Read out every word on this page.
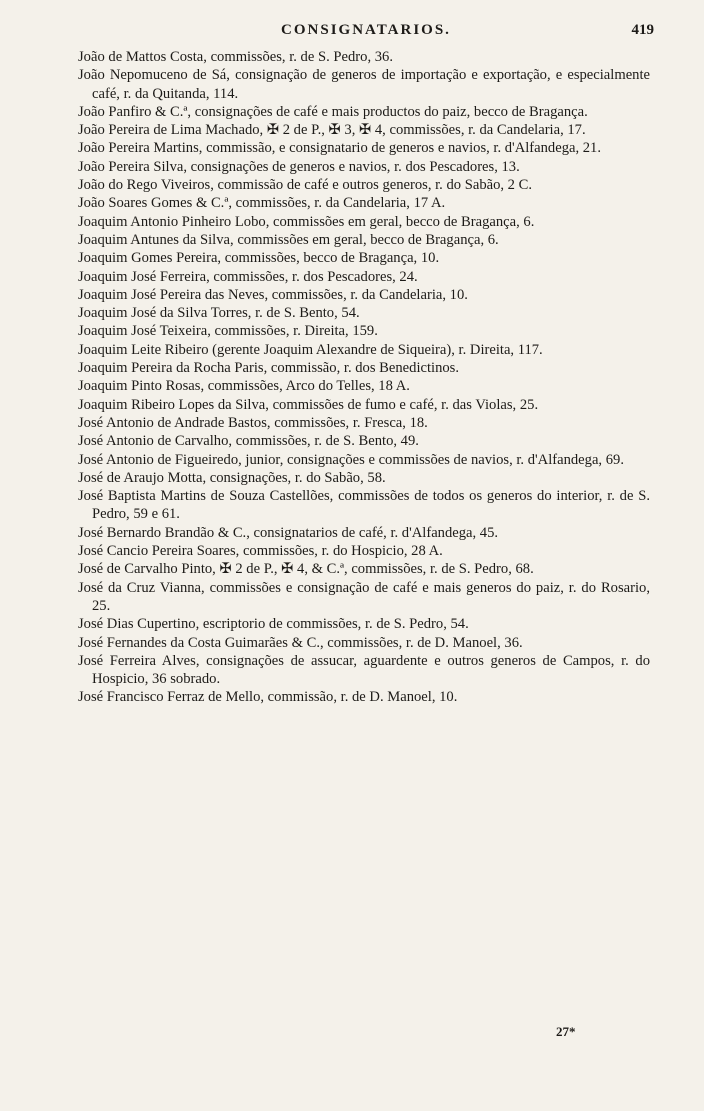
CONSIGNATARIOS.	419

João de Mattos Costa, commissões, r. de S. Pedro, 36.

João Nepomuceno de Sá, consignação de generos de importação e exportação, e especialmente café, r. da Quitanda, 114.

João Panfiro & C.ª, consignações de café e mais productos do paiz, becco de Bragança.

João Pereira de Lima Machado, ✠ 2 de P., ✠ 3, ✠ 4, commissões, r. da Candelaria, 17.

João Pereira Martins, commissão, e consignatario de generos e navios, r. d'Alfandega, 21.

João Pereira Silva, consignações de generos e navios, r. dos Pescadores, 13.

João do Rego Viveiros, commissão de café e outros generos, r. do Sabão, 2 C.

João Soares Gomes & C.ª, commissões, r. da Candelaria, 17 A.

Joaquim Antonio Pinheiro Lobo, commissões em geral, becco de Bragança, 6.

Joaquim Antunes da Silva, commissões em geral, becco de Bragança, 6.

Joaquim Gomes Pereira, commissões, becco de Bragança, 10.

Joaquim José Ferreira, commissões, r. dos Pescadores, 24.

Joaquim José Pereira das Neves, commissões, r. da Candelaria, 10.

Joaquim José da Silva Torres, r. de S. Bento, 54.

Joaquim José Teixeira, commissões, r. Direita, 159.

Joaquim Leite Ribeiro (gerente Joaquim Alexandre de Siqueira), r. Direita, 117.

Joaquim Pereira da Rocha Paris, commissão, r. dos Benedictinos.

Joaquim Pinto Rosas, commissões, Arco do Telles, 18 A.

Joaquim Ribeiro Lopes da Silva, commissões de fumo e café, r. das Violas, 25.

José Antonio de Andrade Bastos, commissões, r. Fresca, 18.

José Antonio de Carvalho, commissões, r. de S. Bento, 49.

José Antonio de Figueiredo, junior, consignações e commissões de navios, r. d'Alfandega, 69.

José de Araujo Motta, consignações, r. do Sabão, 58.

José Baptista Martins de Souza Castellões, commissões de todos os generos do interior, r. de S. Pedro, 59 e 61.

José Bernardo Brandão & C., consignatarios de café, r. d'Alfandega, 45.

José Cancio Pereira Soares, commissões, r. do Hospicio, 28 A.

José de Carvalho Pinto, ✠ 2 de P., ✠ 4, & C.ª, commissões, r. de S. Pedro, 68.

José da Cruz Vianna, commissões e consignação de café e mais generos do paiz, r. do Rosario, 25.

José Dias Cupertino, escriptorio de commissões, r. de S. Pedro, 54.

José Fernandes da Costa Guimarães & C., commissões, r. de D. Manoel, 36.

José Ferreira Alves, consignações de assucar, aguardente e outros generos de Campos, r. do Hospicio, 36 sobrado.

José Francisco Ferraz de Mello, commissão, r. de D. Manoel, 10.

27*
